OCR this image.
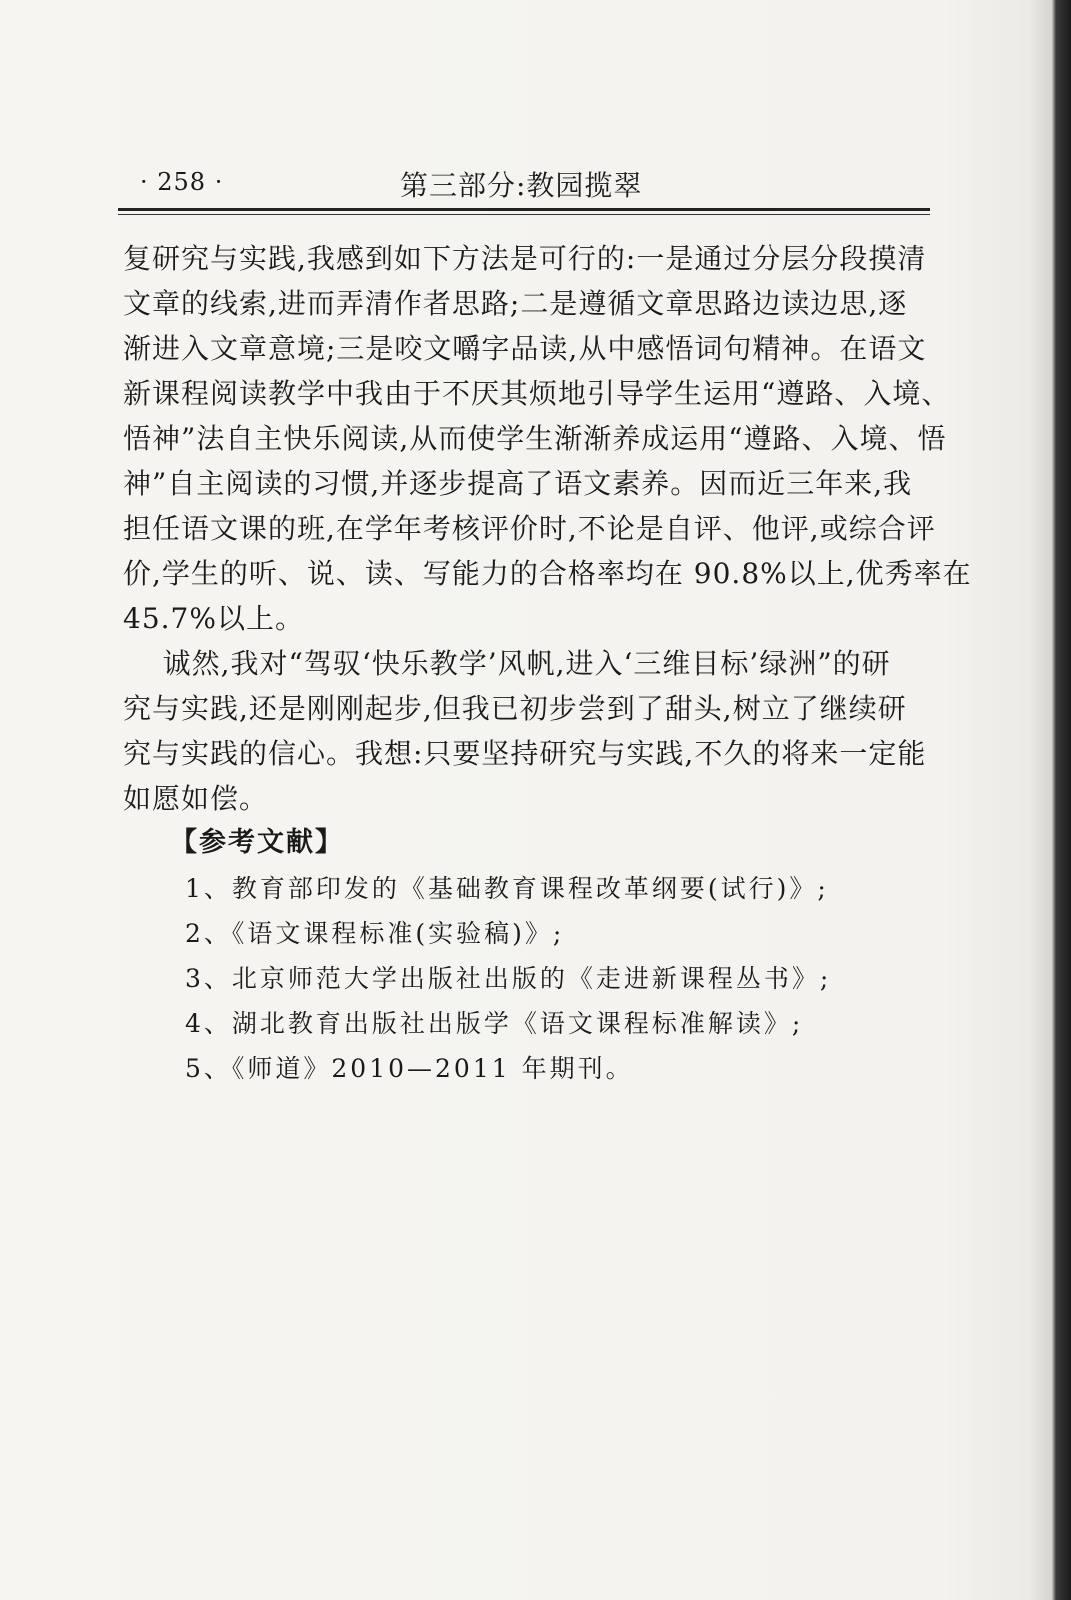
· 258 ·	第三部分:教园揽翠
复研究与实践,我感到如下方法是可行的:一是通过分层分段摸清
文章的线索,进而弄清作者思路;二是遵循文章思路边读边思,逐
渐进入文章意境;三是咬文嚼字品读,从中感悟词句精神。在语文
新课程阅读教学中我由于不厌其烦地引导学生运用“遵路、入境、
悟神”法自主快乐阅读,从而使学生渐渐养成运用“遵路、入境、悟
神”自主阅读的习惯,并逐步提高了语文素养。因而近三年来,我
担任语文课的班,在学年考核评价时,不论是自评、他评,或综合评
价,学生的听、说、读、写能力的合格率均在 90.8%以上,优秀率在
45.7%以上。
诚然,我对“驾驭‘快乐教学’风帆,进入‘三维目标’绿洲”的研
究与实践,还是刚刚起步,但我已初步尝到了甜头,树立了继续研
究与实践的信心。我想:只要坚持研究与实践,不久的将来一定能
如愿如偿。
【参考文献】
1、教育部印发的《基础教育课程改革纲要(试行)》;
2、《语文课程标准(实验稿)》;
3、北京师范大学出版社出版的《走进新课程丛书》;
4、湖北教育出版社出版学《语文课程标准解读》;
5、《师道》2010—2011 年期刊。
